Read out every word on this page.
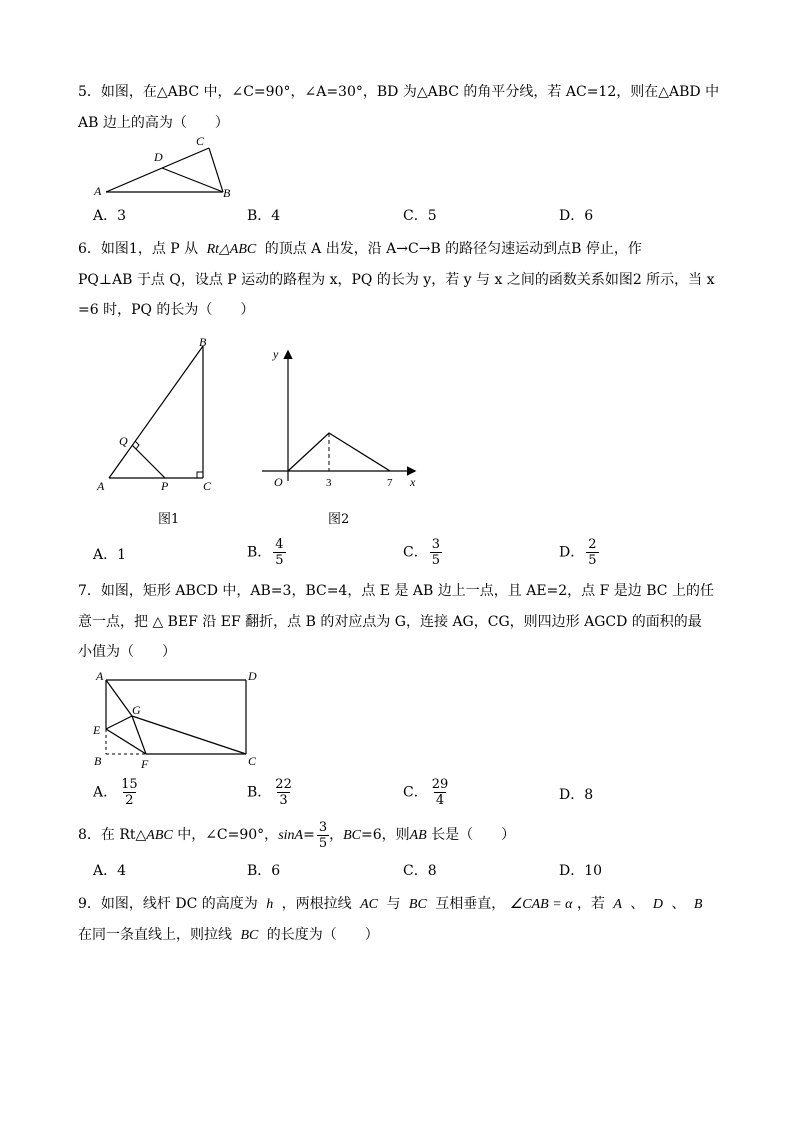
5．如图，在△ABC 中，∠C=90°，∠A=30°，BD 为△ABC 的角平分线，若 AC=12，则在△ABD 中
AB 边上的高为（　　）
A	B
C
D
A．3	B．4	C．5	D．6
6．如图1，点 P 从 Rt△ABC 的顶点 A 出发，沿 A→C→B 的路径匀速运动到点B 停止，作
PQ⊥AB 于点 Q，设点 P 运动的路程为 x，PQ 的长为 y，若 y 与 x 之间的函数关系如图2 所示，当 x
=6 时，PQ 的长为（　　）
B
Q
A	P	C
图1
y
x
O	3	7
图2
A．1	B． $\frac{4}{5}$	C． $\frac{3}{5}$	D． $\frac{2}{5}$
7．如图，矩形 ABCD 中，AB=3，BC=4，点 E 是 AB 边上一点，且 AE=2，点 F 是边 BC 上的任
意一点，把 △ BEF 沿 EF 翻折，点 B 的对应点为 G，连接 AG，CG，则四边形 AGCD 的面积的最
小值为（　　）
A	D
G
E
B	F	C
A． $\frac{15}{2}$	B． $\frac{22}{3}$	C． $\frac{29}{4}$	D．8
8．在 Rt△ABC 中，∠C=90°，$\sin A= \frac{3}{5}$ ，BC=6，则AB 长是（　　）
A．4	B．6	C．8	D．10
9．如图，线杆 DC 的高度为 h ，两根拉线 AC 与 BC 互相垂直， ∠CAB = α ，若 A 、 D 、 B
在同一条直线上，则拉线 BC 的长度为（　　）
